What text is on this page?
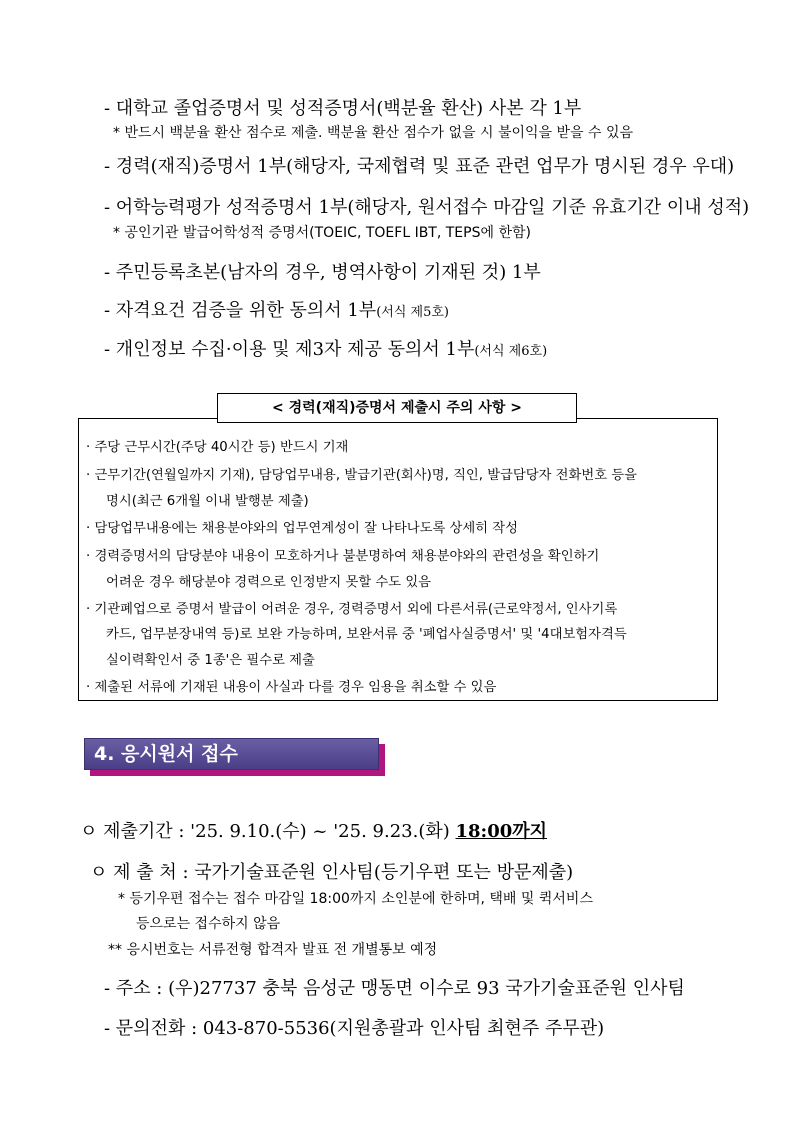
- 대학교 졸업증명서 및 성적증명서(백분율 환산) 사본 각 1부
* 반드시 백분율 환산 점수로 제출. 백분율 환산 점수가 없을 시 불이익을 받을 수 있음
- 경력(재직)증명서 1부(해당자, 국제협력 및 표준 관련 업무가 명시된 경우 우대)
- 어학능력평가 성적증명서 1부(해당자, 원서접수 마감일 기준 유효기간 이내 성적)
* 공인기관 발급어학성적 증명서(TOEIC, TOEFL IBT, TEPS에 한함)
- 주민등록초본(남자의 경우, 병역사항이 기재된 것) 1부
- 자격요건 검증을 위한 동의서 1부(서식 제5호)
- 개인정보 수집·이용 및 제3자 제공 동의서 1부(서식 제6호)
< 경력(재직)증명서 제출시 주의 사항 >
· 주당 근무시간(주당 40시간 등) 반드시 기재
· 근무기간(연월일까지 기재), 담당업무내용, 발급기관(회사)명, 직인, 발급담당자 전화번호 등을
명시(최근 6개월 이내 발행분 제출)
· 담당업무내용에는 채용분야와의 업무연계성이 잘 나타나도록 상세히 작성
· 경력증명서의 담당분야 내용이 모호하거나 불분명하여 채용분야와의 관련성을 확인하기
어려운 경우 해당분야 경력으로 인정받지 못할 수도 있음
· 기관폐업으로 증명서 발급이 어려운 경우, 경력증명서 외에 다른서류(근로약정서, 인사기록
카드, 업무분장내역 등)로 보완 가능하며, 보완서류 중 '폐업사실증명서' 및 '4대보험자격득
실이력확인서 중 1종'은 필수로 제출
· 제출된 서류에 기재된 내용이 사실과 다를 경우 임용을 취소할 수 있음
4. 응시원서 접수
ㅇ 제출기간 : '25. 9.10.(수) ~ '25. 9.23.(화) 18:00까지
ㅇ 제 출 처 : 국가기술표준원 인사팀(등기우편 또는 방문제출)
* 등기우편 접수는 접수 마감일 18:00까지 소인분에 한하며, 택배 및 퀵서비스
등으로는 접수하지 않음
** 응시번호는 서류전형 합격자 발표 전 개별통보 예정
- 주소 : (우)27737 충북 음성군 맹동면 이수로 93 국가기술표준원 인사팀
- 문의전화 : 043-870-5536(지원총괄과 인사팀 최현주 주무관)
